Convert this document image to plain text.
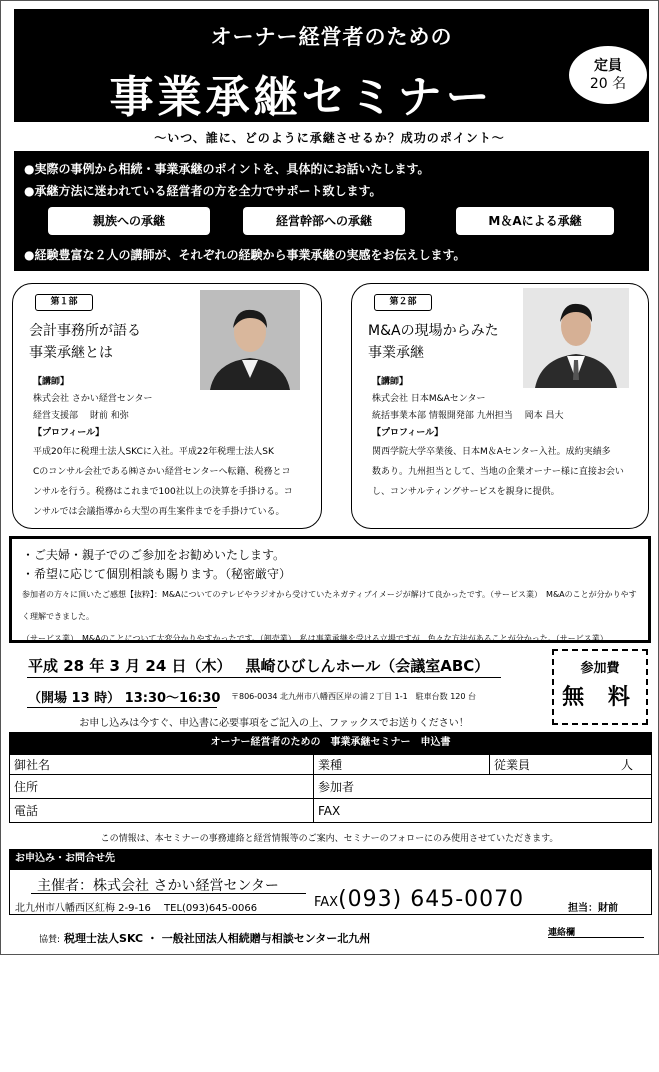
オーナー経営者のための
事業承継セミナー
定員
20 名
～いつ、誰に、どのように承継させるか？成功のポイント～
●実際の事例から相続・事業承継のポイントを、具体的にお話いたします。
●承継方法に迷われている経営者の方を全力でサポート致します。
親族への承継	経営幹部への承継	M＆Aによる承継
●経験豊富な２人の講師が、それぞれの経験から事業承継の実感をお伝えします。
第１部
会計事務所が語る
事業承継とは
【講師】
株式会社 さかい経営センター
経営支援部　 財前 和弥
【プロフィール】
平成20年に税理士法人SKCに入社。平成22年税理士法人SK
Cのコンサル会社である㈱さかい経営センターへ転籍、税務とコ
ンサルを行う。税務はこれまで100社以上の決算を手掛ける。コ
ンサルでは会議指導から大型の再生案件までを手掛けている。
第２部
M&Aの現場からみた
事業承継
【講師】
株式会社 日本M&Aセンター
統括事業本部 情報開発部 九州担当　 岡本 昌大
【プロフィール】
関西学院大学卒業後、日本M＆Aセンター入社。成約実績多
数あり。九州担当として、当地の企業オーナー様に直接お会い
し、コンサルティングサービスを親身に提供。
・ご夫婦・親子でのご参加をお勧めいたします。
・希望に応じて個別相談も賜ります。（秘密厳守）
参加者の方々に頂いたご感想【抜粋】：M&Aについてのテレビやラジオから受けていたネガティブイメージが解けて良かったです。（サービス業）　M&Aのことが分かりやすく理解できました。
（サービス業）　M&Aのことについて大変分かりやすかったです。（卸売業）　私は事業承継を受ける立場ですが、色々な方法があることが分かった。（サービス業）
平成 28 年 3 月 24 日（木） 黒崎ひびしんホール（会議室ABC）
（開場 13 時） 13:30～16:30 〒806-0034 北九州市八幡西区岸の浦２丁目 1-1　駐車台数 120 台
お申し込みは今すぐ、申込書に必要事項をご記入の上、ファックスでお送りください！
参加費
無 料
オーナー経営者のための　事業承継セミナー　申込書
御社名	業種	従業員 人

住所	参加者	
電話	FAX	
この情報は、本セミナーの事務連絡と経営情報等のご案内、セミナーのフォローにのみ使用させていただきます。
お申込み・お問合せ先
主催者：株式会社 さかい経営センター
北九州市八幡西区紅梅 2-9-16　 TEL(093)645-0066	FAX(093) 645-0070	担当：財前
協賛: 税理士法人SKC ・ 一般社団法人相続贈与相談センター北九州	連絡欄
